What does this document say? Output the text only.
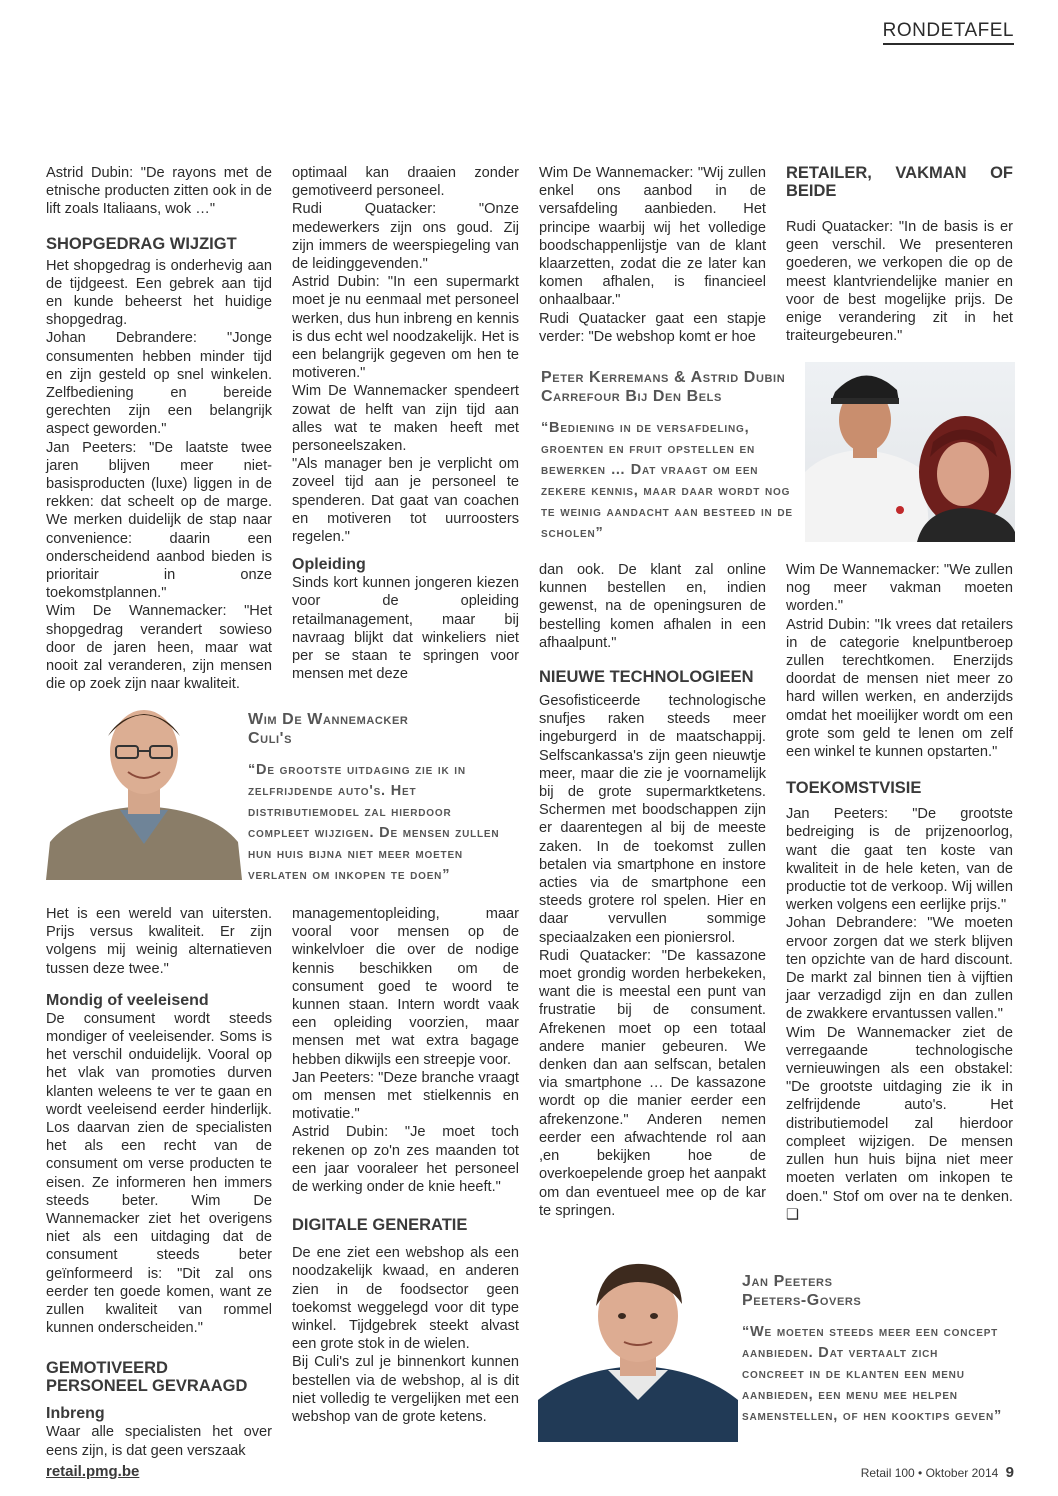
RONDETAFEL

Astrid Dubin: "De rayons met de etnische producten zitten ook in de lift zoals Italiaans, wok …"

SHOPGEDRAG WIJZIGT

Het shopgedrag is onderhevig aan de tijdgeest. Een gebrek aan tijd en kunde beheerst het huidige shopgedrag.

Johan Debrandere: "Jonge consumenten hebben minder tijd en zijn gesteld op snel winkelen. Zelfbediening en bereide gerechten zijn een belangrijk aspect geworden."

Jan Peeters: "De laatste twee jaren blijven meer niet-basisproducten (luxe) liggen in de rekken: dat scheelt op de marge. We merken duidelijk de stap naar convenience: daarin een onderscheidend aanbod bieden is prioritair in onze toekomstplannen."

Wim De Wannemacker: "Het shopgedrag verandert sowieso door de jaren heen, maar wat nooit zal veranderen, zijn mensen die op zoek zijn naar kwaliteit.

optimaal kan draaien zonder gemotiveerd personeel.

Rudi Quatacker: "Onze medewerkers zijn ons goud. Zij zijn immers de weerspiegeling van de leidinggevenden."

Astrid Dubin: "In een supermarkt moet je nu eenmaal met personeel werken, dus hun inbreng en kennis is dus echt wel noodzakelijk. Het is een belangrijk gegeven om hen te motiveren."

Wim De Wannemacker spendeert zowat de helft van zijn tijd aan alles wat te maken heeft met personeelszaken.

"Als manager ben je verplicht om zoveel tijd aan je personeel te spenderen. Dat gaat van coachen en motiveren tot uurroosters regelen."

Opleiding

Sinds kort kunnen jongeren kiezen voor de opleiding retailmanagement, maar bij navraag blijkt dat winkeliers niet per se staan te springen voor mensen met deze

Wim De Wannemacker: "Wij zullen enkel ons aanbod in de versafdeling aanbieden. Het principe waarbij wij het volledige boodschappenlijstje van de klant klaarzetten, zodat die ze later kan komen afhalen, is financieel onhaalbaar."

Rudi Quatacker gaat een stapje verder: "De webshop komt er hoe

RETAILER, VAKMAN OF BEIDE

Rudi Quatacker: "In de basis is er geen verschil. We presenteren goederen, we verkopen die op de meest klantvriendelijke manier en voor de best mogelijke prijs. De enige verandering zit in het traiteurgebeuren."

Peter Kerremans & Astrid Dubin
Carrefour Bij Den Bels
“Bediening in de versafdeling, groenten en fruit opstellen en bewerken … Dat vraagt om een zekere kennis, maar daar wordt nog te weinig aandacht aan besteed in de scholen”

dan ook. De klant zal online kunnen bestellen en, indien gewenst, na de openingsuren de bestelling komen afhalen in een afhaalpunt."

NIEUWE TECHNOLOGIEEN

Gesofisticeerde technologische snufjes raken steeds meer ingeburgerd in de maatschappij. Selfscankassa's zijn geen nieuwtje meer, maar die zie je voornamelijk bij de grote supermarktketens. Schermen met boodschappen zijn er daarentegen al bij de meeste zaken. In de toekomst zullen betalen via smartphone en instore acties via de smartphone een steeds grotere rol spelen. Hier en daar vervullen sommige speciaalzaken een pioniersrol.

Rudi Quatacker: "De kassazone moet grondig worden herbekeken, want die is meestal een punt van frustratie bij de consument. Afrekenen moet op een totaal andere manier gebeuren. We denken dan aan selfscan, betalen via smartphone … De kassazone wordt op die manier eerder een afrekenzone." Anderen nemen eerder een afwachtende rol aan ,en bekijken hoe de overkoepelende groep het aanpakt om dan eventueel mee op de kar te springen.

Wim De Wannemacker: "We zullen nog meer vakman moeten worden."

Astrid Dubin: "Ik vrees dat retailers in de categorie knelpuntberoep zullen terechtkomen. Enerzijds doordat de mensen niet meer zo hard willen werken, en anderzijds omdat het moeilijker wordt om een grote som geld te lenen om zelf een winkel te kunnen opstarten."

TOEKOMSTVISIE

Jan Peeters: "De grootste bedreiging is de prijzenoorlog, want die gaat ten koste van kwaliteit in de hele keten, van de productie tot de verkoop. Wij willen werken volgens een eerlijke prijs."

Johan Debrandere: "We moeten ervoor zorgen dat we sterk blijven ten opzichte van de hard discount. De markt zal binnen tien à vijftien jaar verzadigd zijn en dan zullen de zwakkere ervantussen vallen."

Wim De Wannemacker ziet de verregaande technologische vernieuwingen als een obstakel: "De grootste uitdaging zie ik in zelfrijdende auto's. Het distributiemodel zal hierdoor compleet wijzigen. De mensen zullen hun huis bijna niet meer moeten verlaten om inkopen te doen." Stof om over na te denken. ❑

Wim De Wannemacker
Culi's
“De grootste uitdaging zie ik in zelfrijdende auto's. Het distributiemodel zal hierdoor compleet wijzigen. De mensen zullen hun huis bijna niet meer moeten verlaten om inkopen te doen”

Het is een wereld van uitersten. Prijs versus kwaliteit. Er zijn volgens mij weinig alternatieven tussen deze twee."

Mondig of veeleisend

De consument wordt steeds mondiger of veeleisender. Soms is het verschil onduidelijk. Vooral op het vlak van promoties durven klanten weleens te ver te gaan en wordt veeleisend eerder hinderlijk. Los daarvan zien de specialisten het als een recht van de consument om verse producten te eisen. Ze informeren hen immers steeds beter. Wim De Wannemacker ziet het overigens niet als een uitdaging dat de consument steeds beter geïnformeerd is: "Dit zal ons eerder ten goede komen, want ze zullen kwaliteit van rommel kunnen onderscheiden."

GEMOTIVEERD PERSONEEL GEVRAAGD
Inbreng

Waar alle specialisten het over eens zijn, is dat geen verszaak

managementopleiding, maar vooral voor mensen op de winkelvloer die over de nodige kennis beschikken om de consument goed te woord te kunnen staan. Intern wordt vaak een opleiding voorzien, maar mensen met wat extra bagage hebben dikwijls een streepje voor.

Jan Peeters: "Deze branche vraagt om mensen met stielkennis en motivatie."

Astrid Dubin: "Je moet toch rekenen op zo'n zes maanden tot een jaar vooraleer het personeel de werking onder de knie heeft."

DIGITALE GENERATIE

De ene ziet een webshop als een noodzakelijk kwaad, en anderen zien in de foodsector geen toekomst weggelegd voor dit type winkel. Tijdgebrek steekt alvast een grote stok in de wielen.

Bij Culi's zul je binnenkort kunnen bestellen via de webshop, al is dit niet volledig te vergelijken met een webshop van de grote ketens.

Jan Peeters
Peeters-Govers
“We moeten steeds meer een concept aanbieden. Dat vertaalt zich concreet in de klanten een menu aanbieden, een menu mee helpen samenstellen, of hen kooktips geven”
retail.pmg.be	Retail 100 • Oktober 2014 9
